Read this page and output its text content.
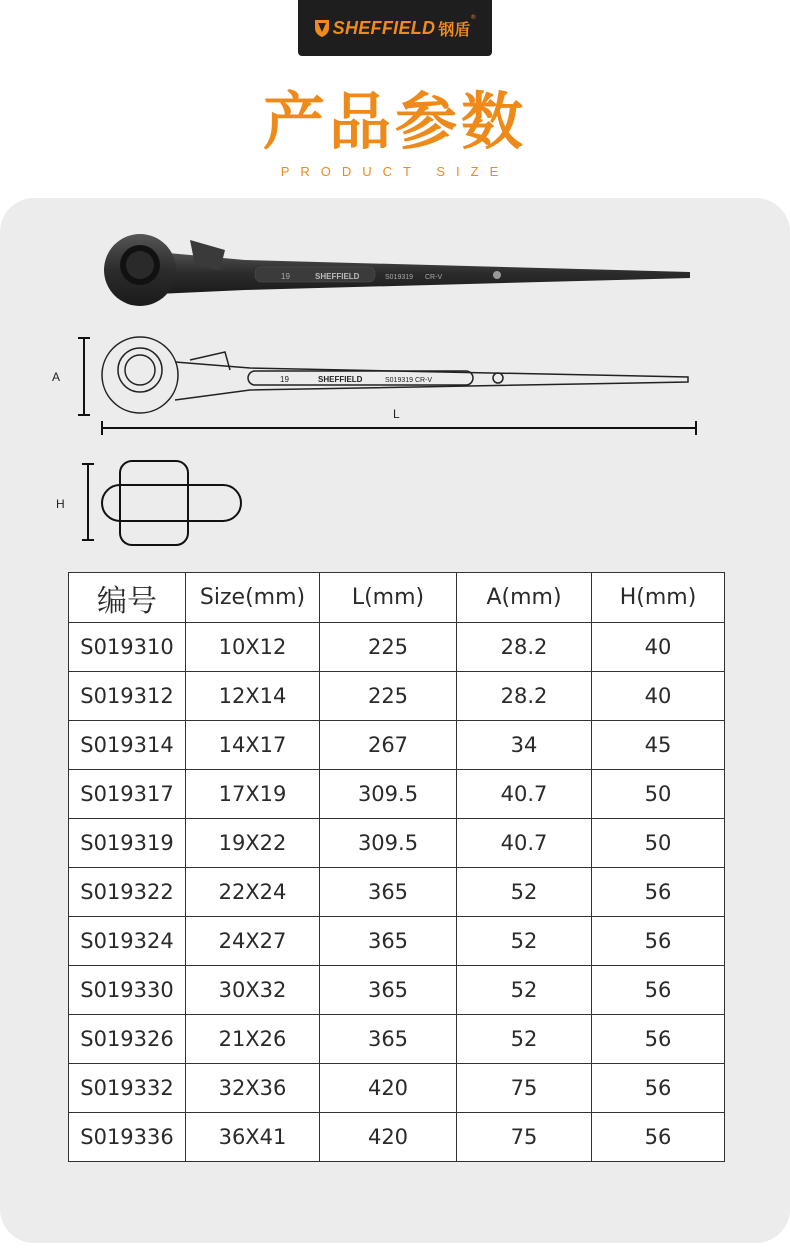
SHEFFIELD 钢盾
®
产品参数
PRODUCT SIZE
19	SHEFFIELD	S019319 CR-V
19	SHEFFIELD	S019319 CR-V
A
L
H
编号	Size(mm)	L(mm)	A(mm)	H(mm)
S019310	10X12	225	28.2	40
S019312	12X14	225	28.2	40
S019314	14X17	267	34	45
S019317	17X19	309.5	40.7	50
S019319	19X22	309.5	40.7	50
S019322	22X24	365	52	56
S019324	24X27	365	52	56
S019330	30X32	365	52	56
S019326	21X26	365	52	56
S019332	32X36	420	75	56
S019336	36X41	420	75	56
